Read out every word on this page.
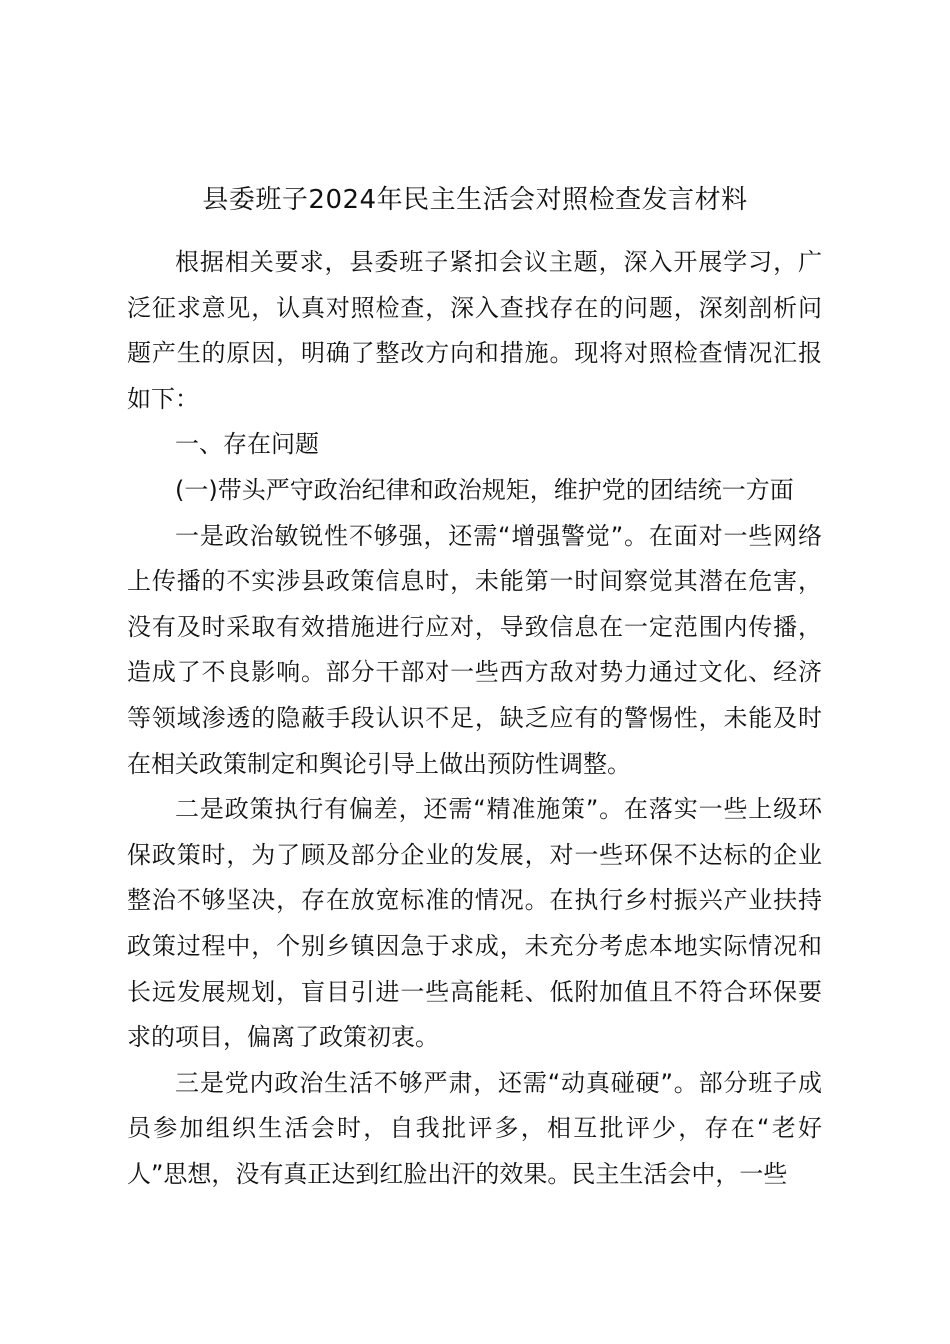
县委班子2024年民主生活会对照检查发言材料

根据相关要求，县委班子紧扣会议主题，深入开展学习，广泛征求意见，认真对照检查，深入查找存在的问题，深刻剖析问题产生的原因，明确了整改方向和措施。现将对照检查情况汇报如下：

一、存在问题

(一)带头严守政治纪律和政治规矩，维护党的团结统一方面

一是政治敏锐性不够强，还需“增强警觉”。在面对一些网络上传播的不实涉县政策信息时，未能第一时间察觉其潜在危害，没有及时采取有效措施进行应对，导致信息在一定范围内传播，造成了不良影响。部分干部对一些西方敌对势力通过文化、经济等领域渗透的隐蔽手段认识不足，缺乏应有的警惕性，未能及时在相关政策制定和舆论引导上做出预防性调整。

二是政策执行有偏差，还需“精准施策”。在落实一些上级环保政策时，为了顾及部分企业的发展，对一些环保不达标的企业整治不够坚决，存在放宽标准的情况。在执行乡村振兴产业扶持政策过程中，个别乡镇因急于求成，未充分考虑本地实际情况和长远发展规划，盲目引进一些高能耗、低附加值且不符合环保要求的项目，偏离了政策初衷。

三是党内政治生活不够严肃，还需“动真碰硬”。部分班子成员参加组织生活会时，自我批评多，相互批评少，存在“老好人”思想，没有真正达到红脸出汗的效果。民主生活会中，一些
